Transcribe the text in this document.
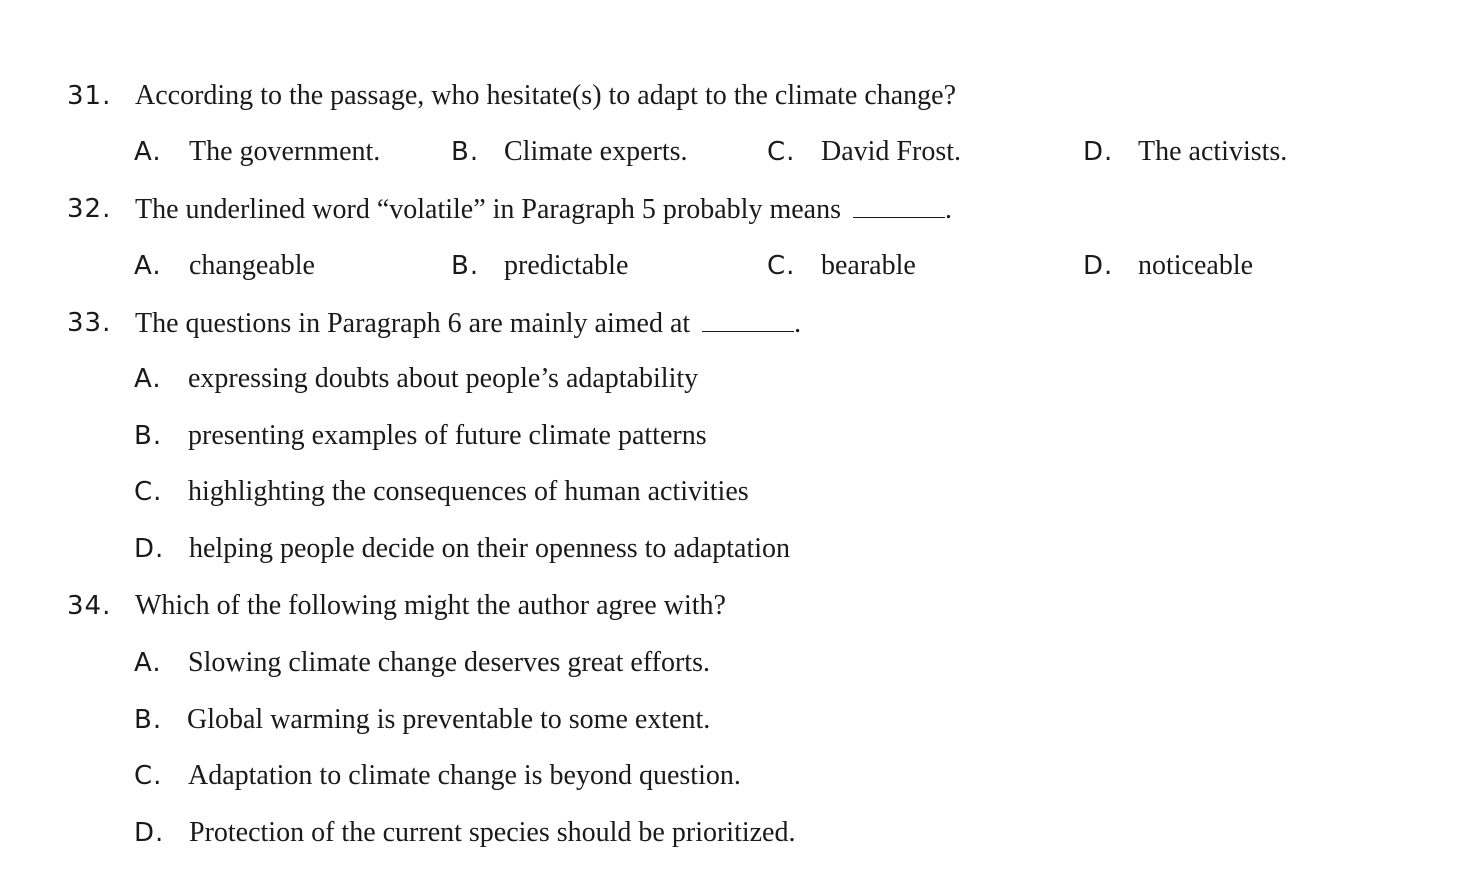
31. According to the passage, who hesitate(s) to adapt to the climate change?
A. The government.	B. Climate experts.	C. David Frost.	D. The activists.
32. The underlined word “volatile” in Paragraph 5 probably means	.
A. changeable	B. predictable	C. bearable	D. noticeable
33. The questions in Paragraph 6 are mainly aimed at	.
A. expressing doubts about people’s adaptability
B. presenting examples of future climate patterns
C. highlighting the consequences of human activities
D. helping people decide on their openness to adaptation
34. Which of the following might the author agree with?
A. Slowing climate change deserves great efforts.
B. Global warming is preventable to some extent.
C. Adaptation to climate change is beyond question.
D. Protection of the current species should be prioritized.
